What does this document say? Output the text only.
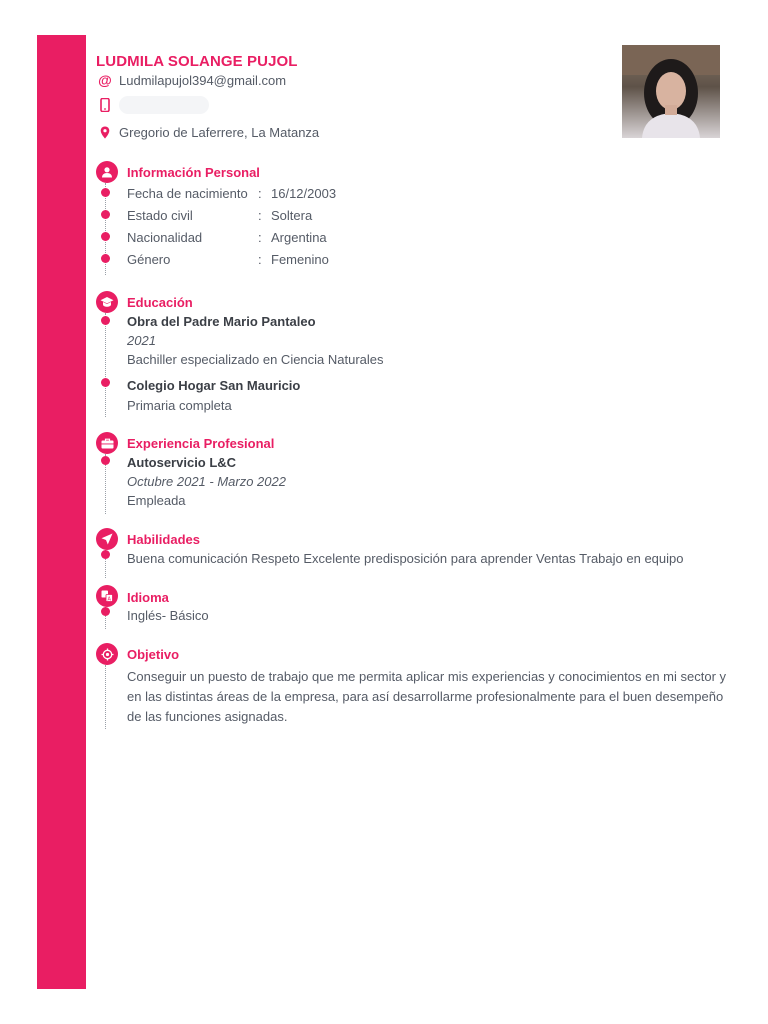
LUDMILA SOLANGE PUJOL
@ Ludmilapujol394@gmail.com
Gregorio de Laferrere, La Matanza
Información Personal
Fecha de nacimiento : 16/12/2003
Estado civil	: Soltera
Nacionalidad	: Argentina
Género	: Femenino
Educación
Obra del Padre Mario Pantaleo
2021
Bachiller especializado en Ciencia Naturales
Colegio Hogar San Mauricio
Primaria completa
Experiencia Profesional
Autoservicio L&C
Octubre 2021 - Marzo 2022
Empleada
Habilidades
Buena comunicación Respeto Excelente predisposición para aprender Ventas Trabajo en equipo
A Idioma
Inglés- Básico
Objetivo
Conseguir un puesto de trabajo que me permita aplicar mis experiencias y conocimientos en mi sector y en las distintas áreas de la empresa, para así desarrollarme profesionalmente para el buen desempeño de las funciones asignadas.
